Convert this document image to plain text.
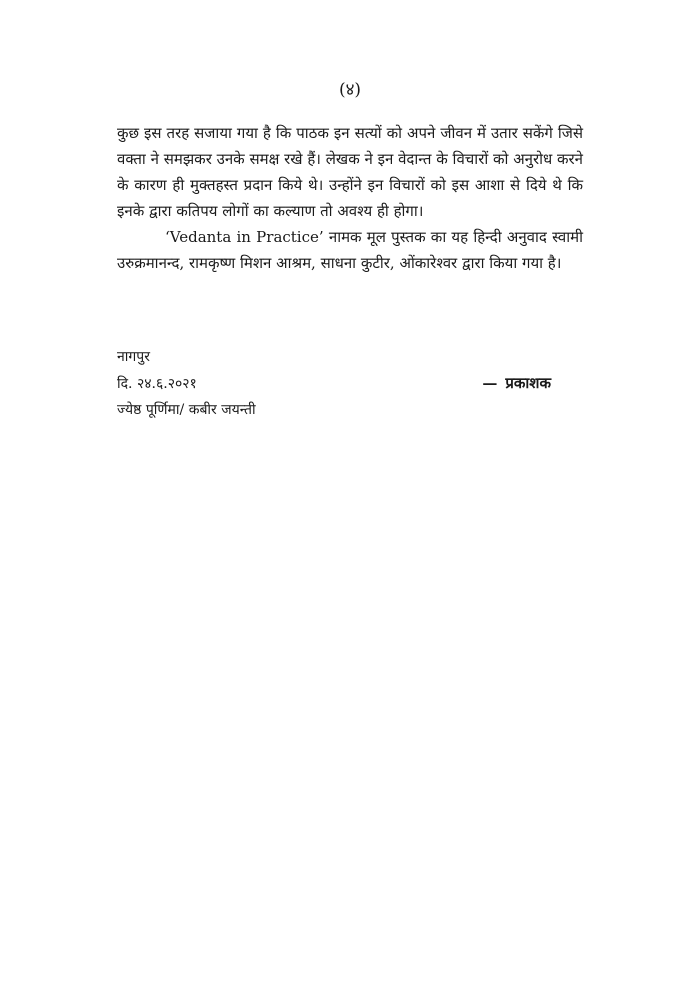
(४)

कुछ इस तरह सजाया गया है कि पाठक इन सत्यों को अपने जीवन में उतार सकेंगे जिसे वक्ता ने समझकर उनके समक्ष रखे हैं। लेखक ने इन वेदान्त के विचारों को अनुरोध करने के कारण ही मुक्तहस्त प्रदान किये थे। उन्होंने इन विचारों को इस आशा से दिये थे कि इनके द्वारा कतिपय लोगों का कल्याण तो अवश्य ही होगा।

‘Vedanta in Practice’ नामक मूल पुस्तक का यह हिन्दी अनुवाद स्वामी उरुक्रमानन्द, रामकृष्ण मिशन आश्रम, साधना कुटीर, ओंकारेश्वर द्वारा किया गया है।

नागपुर
दि. २४.६.२०२१	— प्रकाशक
ज्येष्ठ पूर्णिमा/ कबीर जयन्ती
